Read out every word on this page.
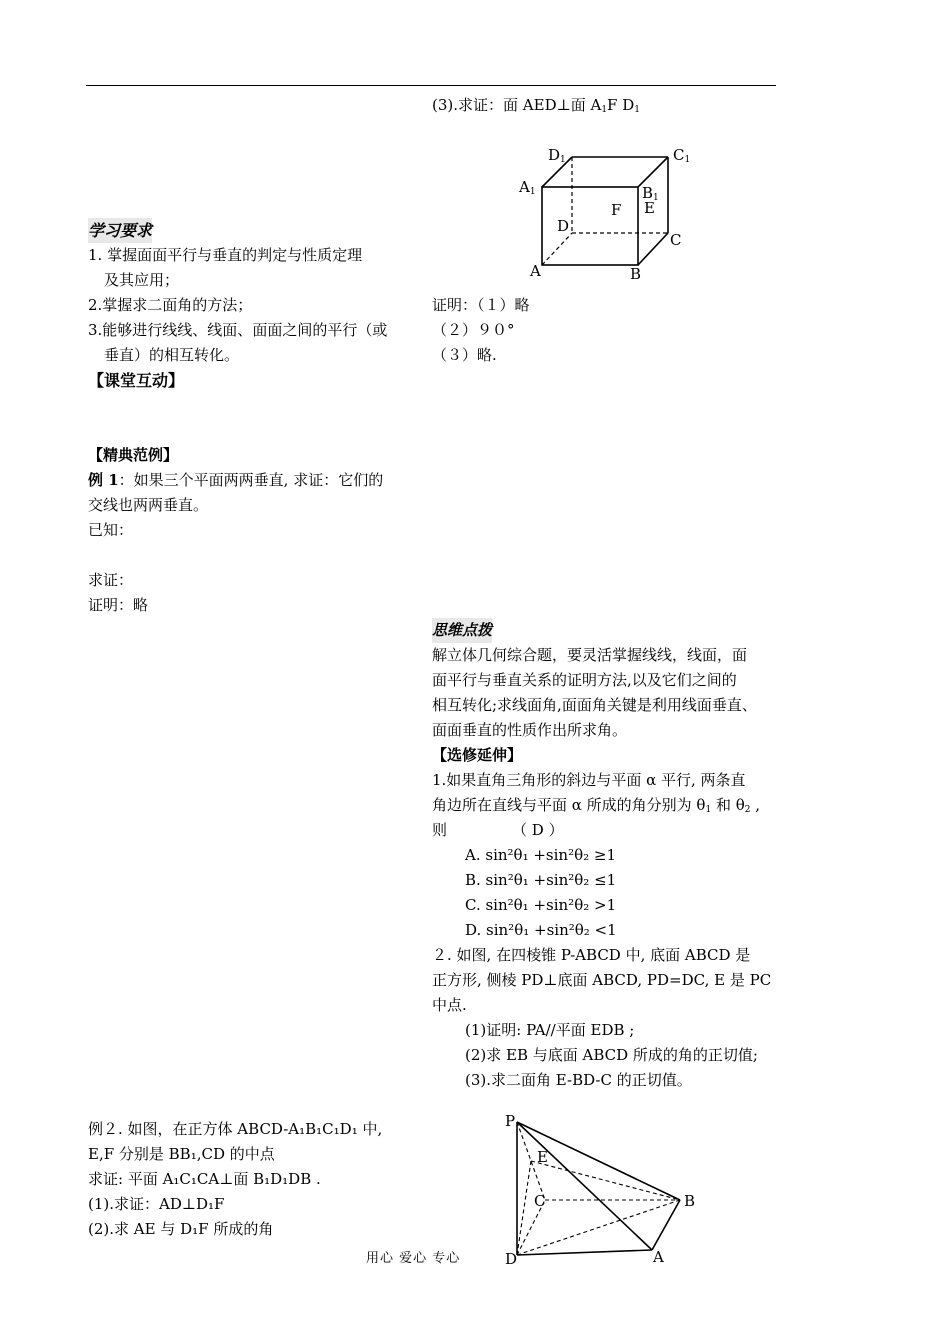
(3).求证：面 AED⊥面 $A_1F$ $D_1$
D1	C1
A1	B1
F E
D
C
A	B
证明：（１）略
（２）９０°
（３）略.
学习要求
1. 掌握面面平行与垂直的判定与性质定理
及其应用；
2.掌握求二面角的方法；
3.能够进行线线、线面、面面之间的平行（或
垂直）的相互转化。
【课堂互动】
【精典范例】
例 1：如果三个平面两两垂直, 求证：它们的
交线也两两垂直。
已知：
求证：
证明：略
思维点拨
解立体几何综合题，要灵活掌握线线，线面，面
面平行与垂直关系的证明方法,以及它们之间的
相互转化;求线面角,面面角关键是利用线面垂直、
面面垂直的性质作出所求角。
【选修延伸】
1.如果直角三角形的斜边与平面 α 平行, 两条直
角边所在直线与平面 α 所成的角分别为 $\theta_1$ 和 $\theta_2$ ,
则	（ D ）
A. sin²θ₁ +sin²θ₂ ≥1
B. sin²θ₁ +sin²θ₂ ≤1
C. sin²θ₁ +sin²θ₂ >1
D. sin²θ₁ +sin²θ₂ <1
２. 如图, 在四棱锥 P-ABCD 中, 底面 ABCD 是
正方形, 侧棱 PD⊥底面 ABCD, PD=DC, E 是 PC
中点.
(1)证明: PA//平面 EDB ;
(2)求 EB 与底面 ABCD 所成的角的正切值;
(3).求二面角 E-BD-C 的正切值。
例２. 如图，在正方体 ABCD-A₁B₁C₁D₁ 中,
E,F 分别是 BB₁,CD 的中点
求证: 平面 A₁C₁CA⊥面 B₁D₁DB .
(1).求证：AD⊥D₁F
(2).求 AE 与 D₁F 所成的角
P
E
C	B
D	A
用心 爱心 专心
